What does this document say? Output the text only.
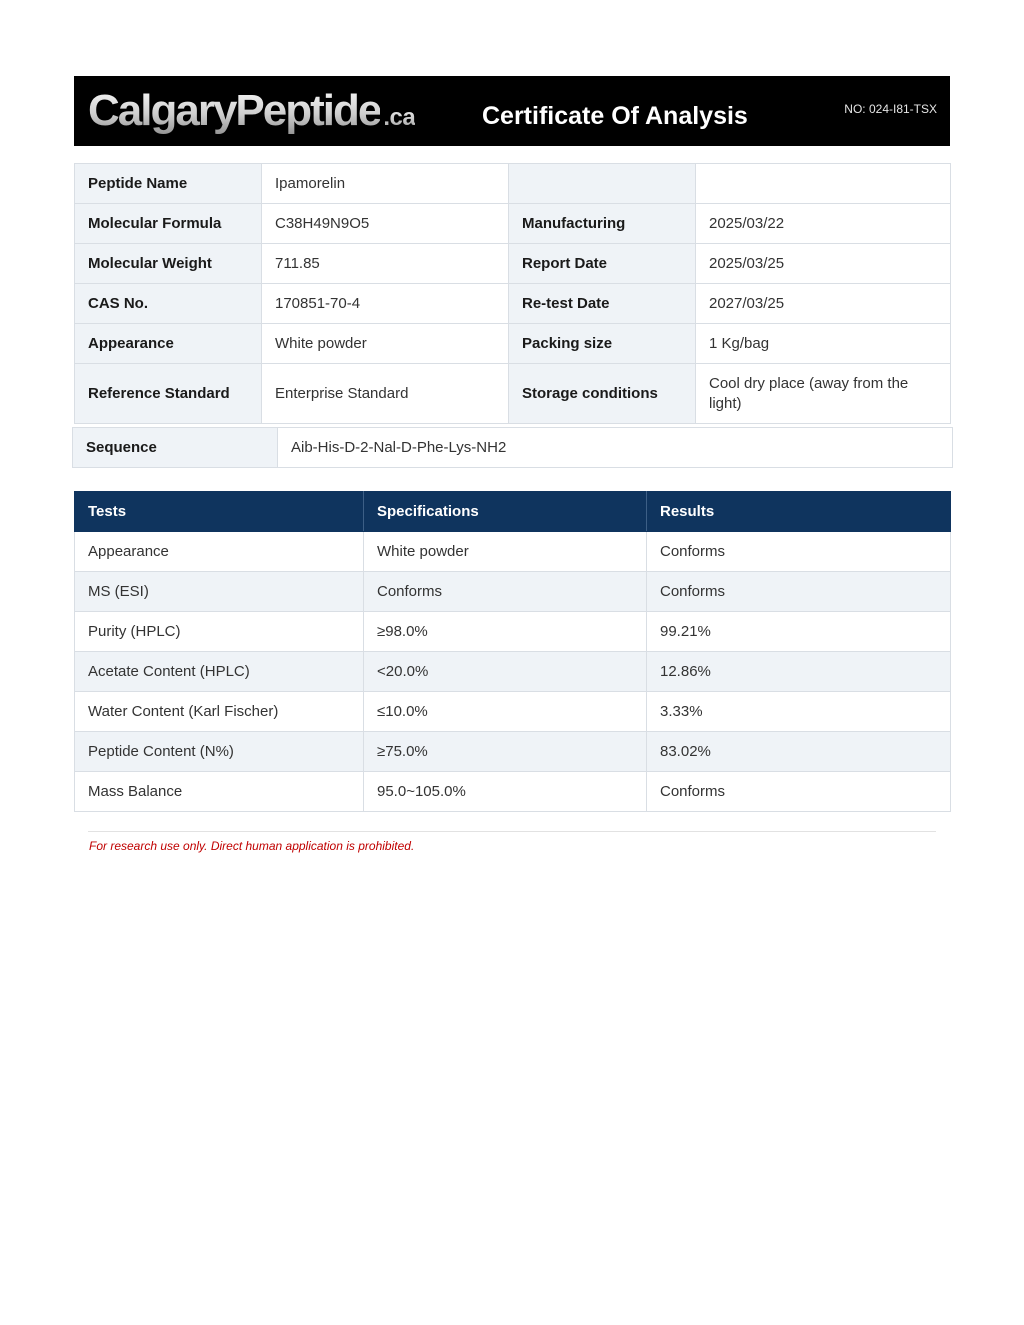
CalgaryPeptide .ca	Certificate Of Analysis	NO: 024-I81-TSX
Peptide Name	Ipamorelin		
Molecular Formula	C38H49N9O5	Manufacturing	2025/03/22
Molecular Weight	711.85	Report Date	2025/03/25
CAS No.	170851-70-4	Re-test Date	2027/03/25
Appearance	White powder	Packing size	1 Kg/bag
Reference Standard	Enterprise Standard	Storage conditions	Cool dry place (away from the light)
Sequence	Aib-His-D-2-Nal-D-Phe-Lys-NH2
Tests	Specifications	Results
Appearance	White powder	Conforms
MS (ESI)	Conforms	Conforms
Purity (HPLC)	≥98.0%	99.21%
Acetate Content (HPLC)	<20.0%	12.86%
Water Content (Karl Fischer)	≤10.0%	3.33%
Peptide Content (N%)	≥75.0%	83.02%
Mass Balance	95.0~105.0%	Conforms
For research use only. Direct human application is prohibited.
